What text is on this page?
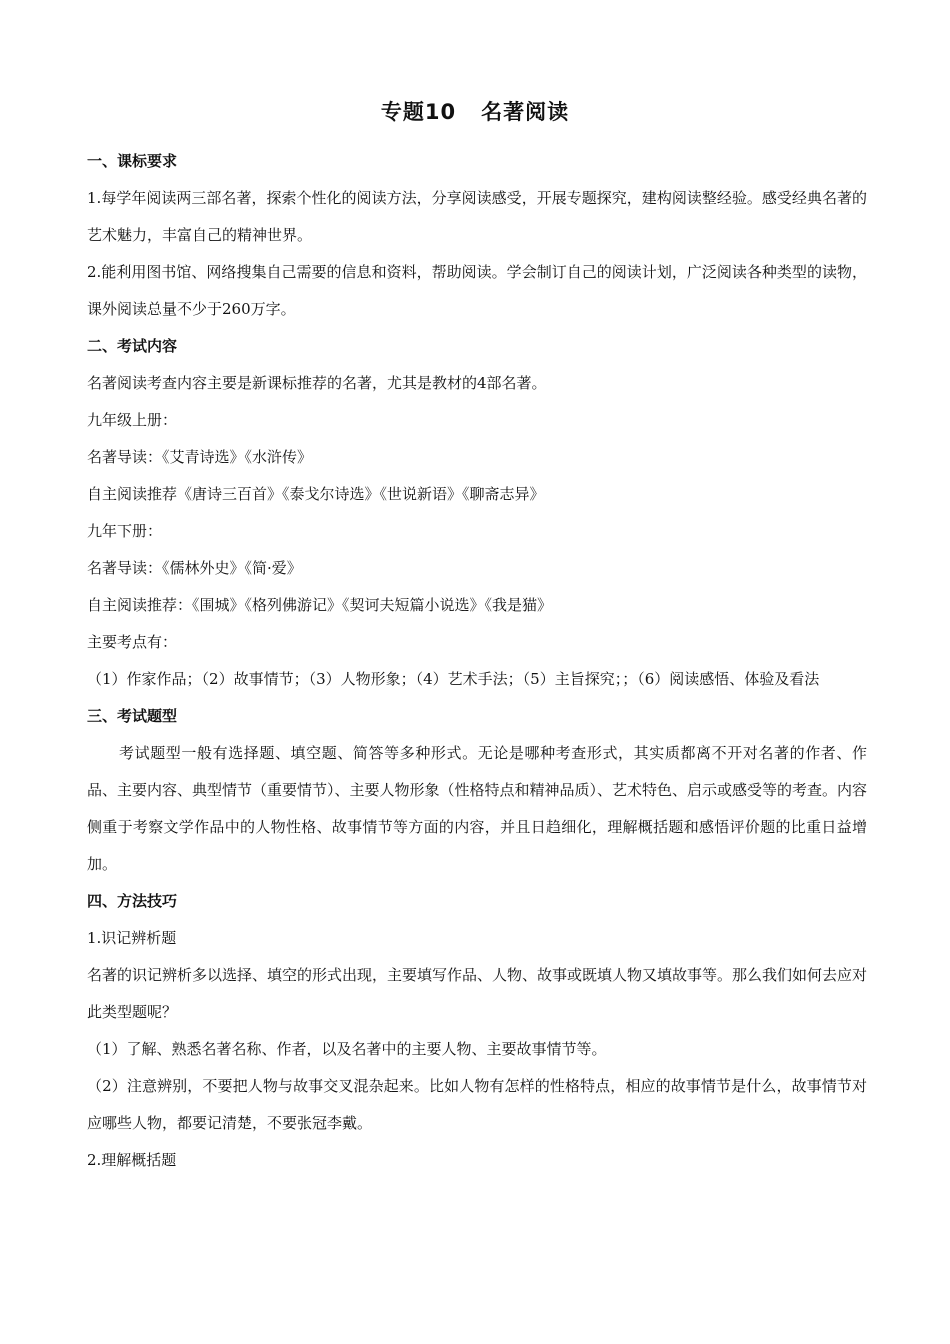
专题10   名著阅读

一、课标要求

1.每学年阅读两三部名著，探索个性化的阅读方法，分享阅读感受，开展专题探究，建构阅读整经验。感受经典名著的艺术魅力，丰富自己的精神世界。

2.能利用图书馆、网络搜集自己需要的信息和资料，帮助阅读。学会制订自己的阅读计划，广泛阅读各种类型的读物，课外阅读总量不少于260万字。

二、考试内容

名著阅读考查内容主要是新课标推荐的名著，尤其是教材的4部名著。

九年级上册：

名著导读：《艾青诗选》《水浒传》

自主阅读推荐《唐诗三百首》《泰戈尔诗选》《世说新语》《聊斋志异》

九年下册：

名著导读：《儒林外史》《简·爱》

自主阅读推荐：《围城》《格列佛游记》《契诃夫短篇小说选》《我是猫》

主要考点有：

（1）作家作品；（2）故事情节；（3）人物形象；（4）艺术手法；（5）主旨探究；；（6）阅读感悟、体验及看法

三、考试题型

考试题型一般有选择题、填空题、简答等多种形式。无论是哪种考查形式，其实质都离不开对名著的作者、作品、主要内容、典型情节（重要情节）、主要人物形象（性格特点和精神品质）、艺术特色、启示或感受等的考查。内容侧重于考察文学作品中的人物性格、故事情节等方面的内容，并且日趋细化，理解概括题和感悟评价题的比重日益增加。

四、方法技巧

1.识记辨析题

名著的识记辨析多以选择、填空的形式出现，主要填写作品、人物、故事或既填人物又填故事等。那么我们如何去应对此类型题呢？

（1）了解、熟悉名著名称、作者，以及名著中的主要人物、主要故事情节等。

（2）注意辨别，不要把人物与故事交叉混杂起来。比如人物有怎样的性格特点，相应的故事情节是什么，故事情节对应哪些人物，都要记清楚，不要张冠李戴。

2.理解概括题
